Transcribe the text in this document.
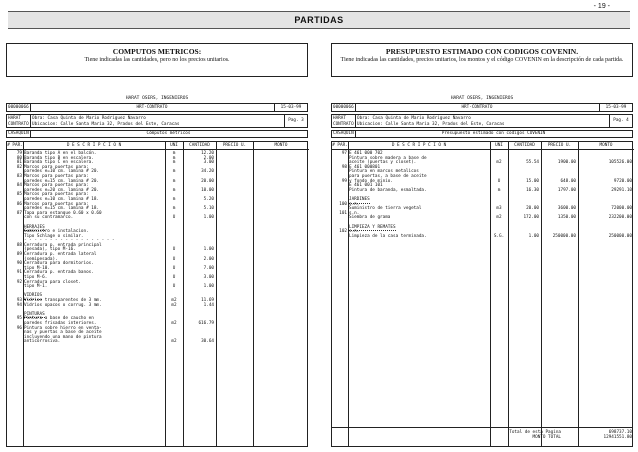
- 19 -
PARTIDAS
COMPUTOS METRICOS:
Tiene indicadas las cantidades, pero no los precios unitarios.
PRESUPUESTO ESTIMADO CON CODIGOS COVENIN.
Tiene indicadas las cantidades, precios unitarios, los montos y el código COVENIN en la descripción de cada partida.
HARAT OSERS, INGENIEROS
00000066	HRT-CONTRATO	15-03-99
HARAT
CONTRATO
Obra: Casa Quinta de Mario Rodriguez Navarro
Ubicacion: Calle Santa Maria 32, Prados del Este, Caracas
Pag. 3
CASAQUIN	Cómputos métricos
# PAR.	D E S C R I P C I O N	UNI	CANTIDAD	PRECIO U.	MONTO
79 Baranda tipo A en el balcón.	m	12.20
80 Baranda tipo B en escalera.	m	2.00
81 Baranda tipo C en escalera.	m	3.00
82 Marcos para puertas para:
paredes e=10 cm. lamina # 20.	m	34.20
83 Marcos para puertas para:
paredes e=15 cm. lamina # 20.	m	20.00
84 Marcos para puertas para:
paredes e=20 cm. lamina # 20.	m	10.00
85 Marcos para puertas para:
paredes e=10 cm. lamina # 18.	m	5.20
86 Marcos para puertas para:
paredes e=15 cm. lamina # 18.	m	5.10
87 Tapa para estanque 0.60 x 0.60
con su contramarco.	U	1.00
HERRAJES
Suministro e instalacion.
Tipo Schlage o similar.
- - - - - - - - - - - - - - - - - -
88 Cerradura p. entrada principal
(pesada), tipo M-16.	U	1.00
89 Cerradura p. entrada lateral
(semipesada).	U	2.00
90 Cerradura para dormitorios.
tipo M-10.	U	7.00
91 Cerradura p. entrada banos.
tipo M-6.	U	3.00
92 Cerradura para closet.
tipo M-1.	U	1.00
VIDRIOS
93 Vidrios transparentes de 3 mm.	m2	11.69
94 Vidrios opacos o corrug. 3 mm.	m2	1.44
PINTURAS
95 Pintura a base de caucho en
paredes frisadas interiores.	m2	616.79
96 Pintura sobre hierro en venta-
nas y puertas a base de aceite
incluyendo una mano de pintura
anticorrosiva.	m2	30.64
HARAT OSERS, INGENIEROS
00000066	HRT-CONTRATO	15-03-99
HARAT
CONTRATO
Obra: Casa Quinta de Mario Rodriguez Navarro
Ubicacion: Calle Santa Maria 32, Prados del Este, Caracas
Pag. 4
CASAQUIN	Presupuesto estimado con codigos COVENIN
# PAR.	D E S C R I P C I O N	UNI	CANTIDAD	PRECIO U.	MONTO
97 E 461 000 702
Pintura sobre madera a base de
aceite (puertas y closet).	m2	55.54	1900.00	105526.00
98 E 461 000801
Pintura en marcos metalicos
para puertas, a base de aceite
99 y fondo de minio.	U	15.00	648.00	9720.00
E 461 001 101
Pintura de baranda, esmaltada.	m	16.30	1797.00	29291.10
JARDINES
100 s.n.
Suministro de tierra vegetal	m3	20.00	3600.00	72000.00
101 s.n.
Siembra de grama	m2	172.00	1350.00	232200.00
LIMPIEZA Y REMATES
102 s.n.
Limpieza de la casa terminada.	S.G.	1.00	250000.00	250000.00
Total de esta Pagina	698737.10
MONTO TOTAL	12941551.80
